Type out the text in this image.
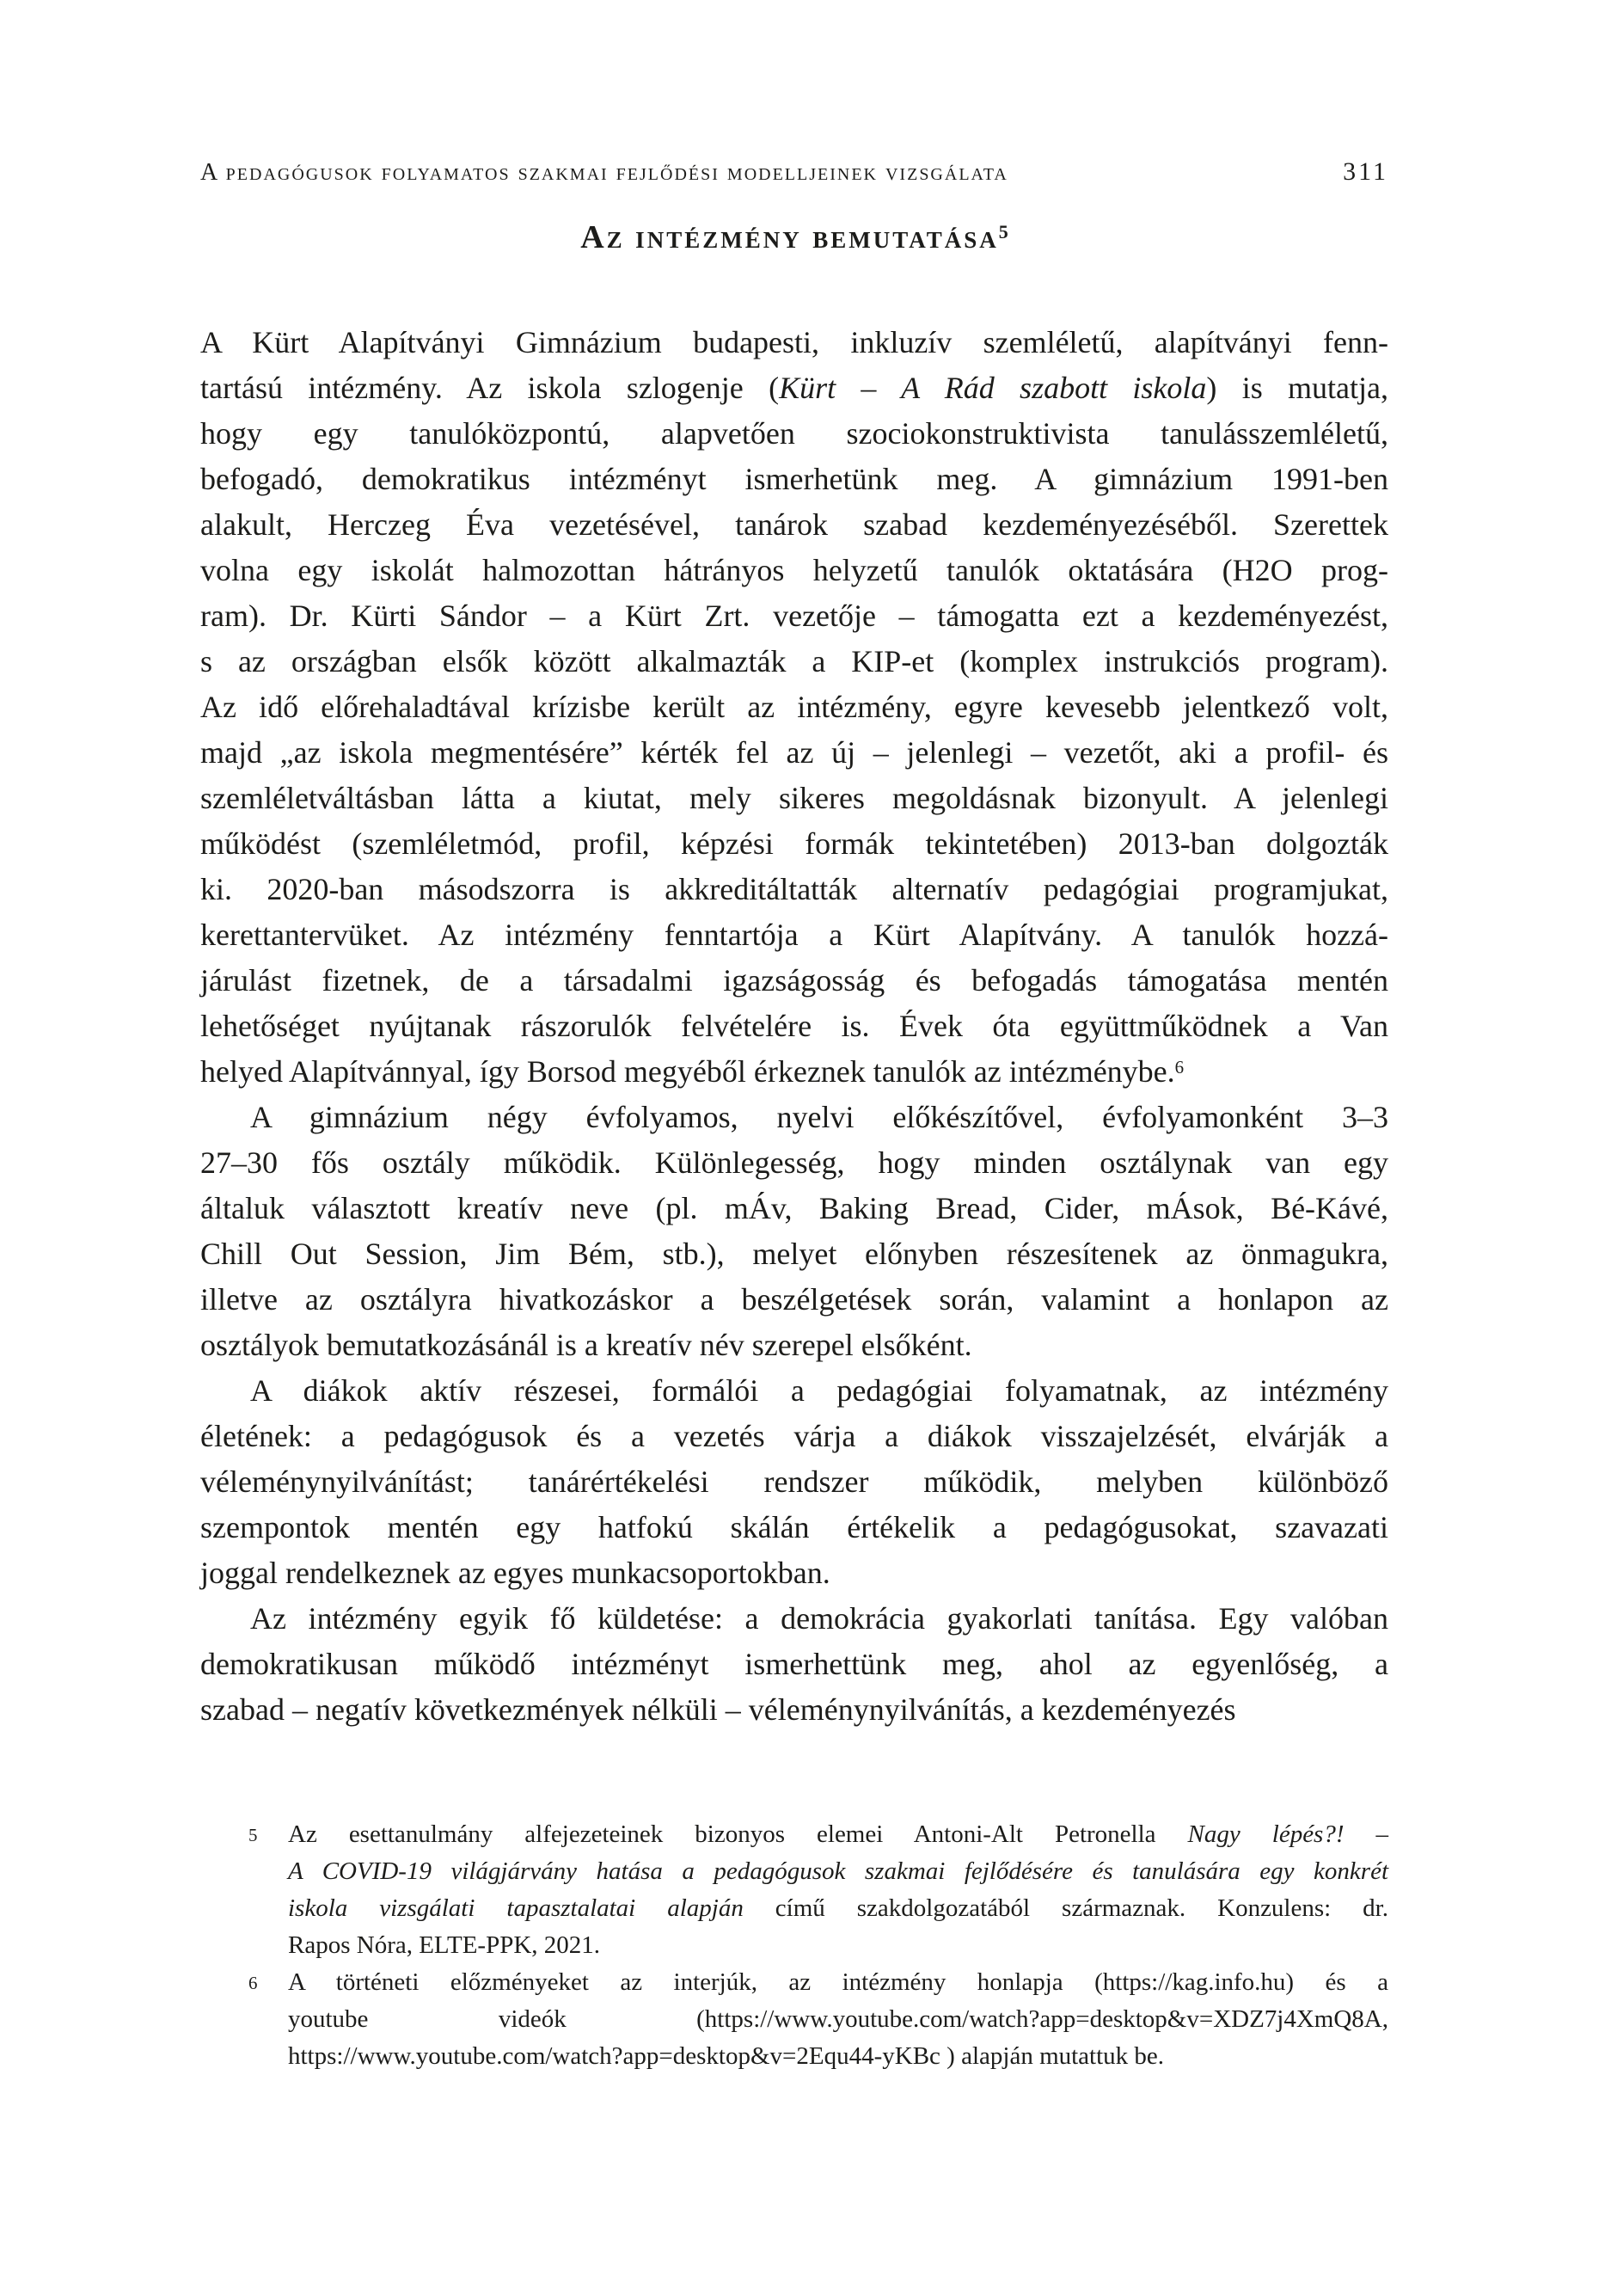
A pedagógusok folyamatos szakmai fejlődési modelljeinek vizsgálata	311
Az intézmény bemutatása$^5$
A Kürt Alapítványi Gimnázium budapesti, inkluzív szemléletű, alapítványi fenn-
tartású intézmény. Az iskola szlogenje (Kürt – A Rád szabott iskola) is mutatja,
hogy egy tanulóközpontú, alapvetően szociokonstruktivista tanulásszemléletű,
befogadó, demokratikus intézményt ismerhetünk meg. A gimnázium 1991-ben
alakult, Herczeg Éva vezetésével, tanárok szabad kezdeményezéséből. Szerettek
volna egy iskolát halmozottan hátrányos helyzetű tanulók oktatására (H2O prog-
ram). Dr. Kürti Sándor – a Kürt Zrt. vezetője – támogatta ezt a kezdeményezést,
s az országban elsők között alkalmazták a KIP-et (komplex instrukciós program).
Az idő előrehaladtával krízisbe került az intézmény, egyre kevesebb jelentkező volt,
majd „az iskola megmentésére” kérték fel az új – jelenlegi – vezetőt, aki a profil- és
szemléletváltásban látta a kiutat, mely sikeres megoldásnak bizonyult. A jelenlegi
működést (szemléletmód, profil, képzési formák tekintetében) 2013-ban dolgozták
ki. 2020-ban másodszorra is akkreditáltatták alternatív pedagógiai programjukat,
kerettantervüket. Az intézmény fenntartója a Kürt Alapítvány. A tanulók hozzá-
járulást fizetnek, de a társadalmi igazságosság és befogadás támogatása mentén
lehetőséget nyújtanak rászorulók felvételére is. Évek óta együttműködnek a Van
helyed Alapítvánnyal, így Borsod megyéből érkeznek tanulók az intézménybe.$^6$
A gimnázium négy évfolyamos, nyelvi előkészítővel, évfolyamonként 3–3
27–30 fős osztály működik. Különlegesség, hogy minden osztálynak van egy
általuk választott kreatív neve (pl. mÁv, Baking Bread, Cider, mÁsok, Bé-Kávé,
Chill Out Session, Jim Bém, stb.), melyet előnyben részesítenek az önmagukra,
illetve az osztályra hivatkozáskor a beszélgetések során, valamint a honlapon az
osztályok bemutatkozásánál is a kreatív név szerepel elsőként.
A diákok aktív részesei, formálói a pedagógiai folyamatnak, az intézmény
életének: a pedagógusok és a vezetés várja a diákok visszajelzését, elvárják a
véleménynyilvánítást; tanárértékelési rendszer működik, melyben különböző
szempontok mentén egy hatfokú skálán értékelik a pedagógusokat, szavazati
joggal rendelkeznek az egyes munkacsoportokban.
Az intézmény egyik fő küldetése: a demokrácia gyakorlati tanítása. Egy valóban
demokratikusan működő intézményt ismerhettünk meg, ahol az egyenlőség, a
szabad – negatív következmények nélküli – véleménynyilvánítás, a kezdeményezés
5 Az esettanulmány alfejezeteinek bizonyos elemei Antoni-Alt Petronella Nagy lépés?! –
A COVID-19 világjárvány hatása a pedagógusok szakmai fejlődésére és tanulására egy konkrét
iskola vizsgálati tapasztalatai alapján című szakdolgozatából származnak. Konzulens: dr.
Rapos Nóra, ELTE-PPK, 2021.
6 A történeti előzményeket az interjúk, az intézmény honlapja (https://kag.info.hu) és a
youtube videók (https://www.youtube.com/watch?app=desktop&v=XDZ7j4XmQ8A,
https://www.youtube.com/watch?app=desktop&v=2Equ44-yKBc ) alapján mutattuk be.
